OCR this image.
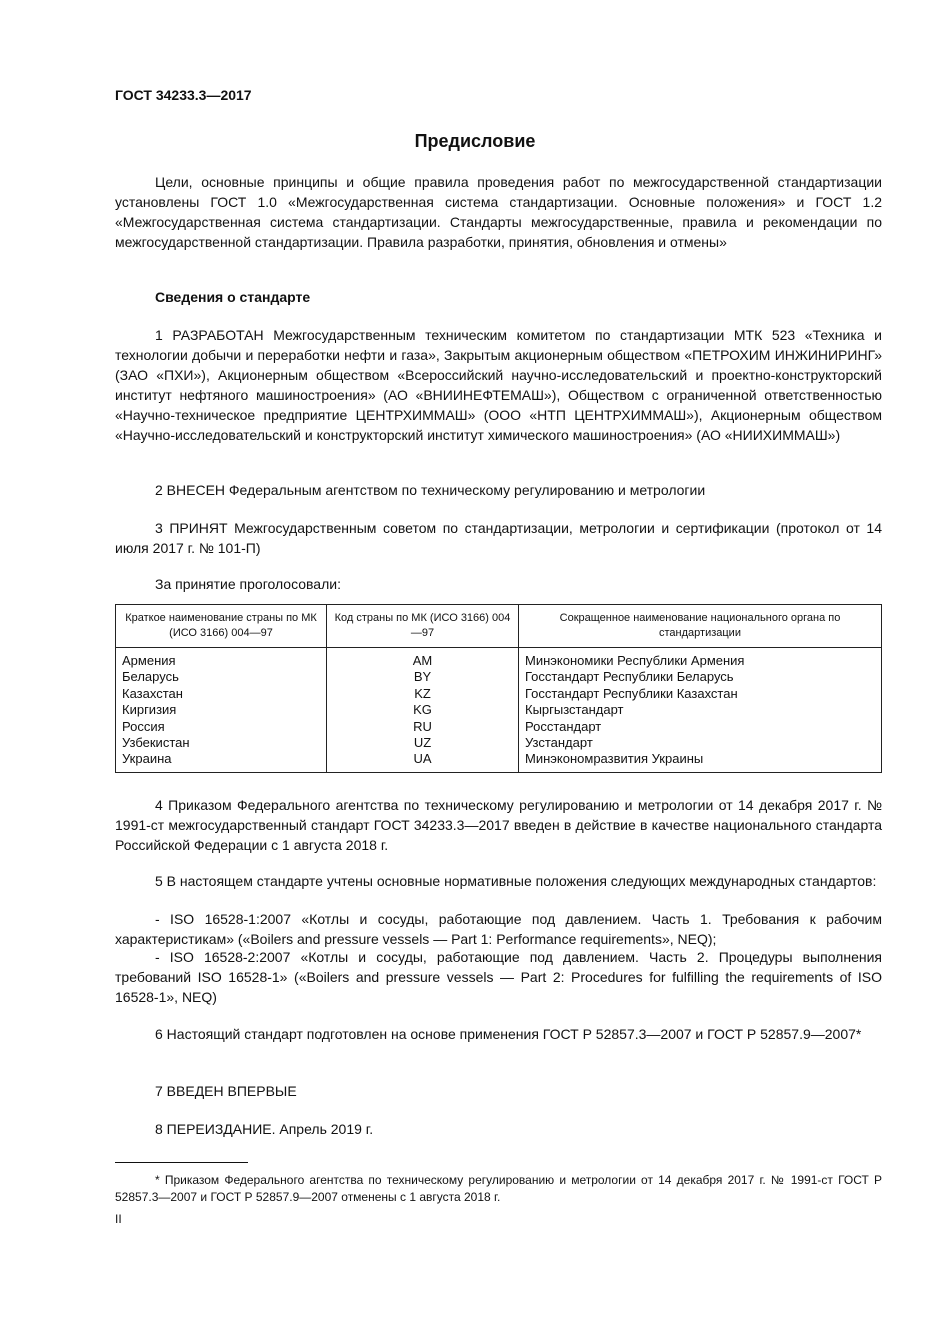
ГОСТ 34233.3—2017
Предисловие
Цели, основные принципы и общие правила проведения работ по межгосударственной стандартизации установлены ГОСТ 1.0 «Межгосударственная система стандартизации. Основные положения» и ГОСТ 1.2 «Межгосударственная система стандартизации. Стандарты межгосударственные, правила и рекомендации по межгосударственной стандартизации. Правила разработки, принятия, обновления и отмены»
Сведения о стандарте
1 РАЗРАБОТАН Межгосударственным техническим комитетом по стандартизации МТК 523 «Техника и технологии добычи и переработки нефти и газа», Закрытым акционерным обществом «ПЕТРОХИМ ИНЖИНИРИНГ» (ЗАО «ПХИ»), Акционерным обществом «Всероссийский научно-исследовательский и проектно-конструкторский институт нефтяного машиностроения» (АО «ВНИИНЕФТЕМАШ»), Обществом с ограниченной ответственностью «Научно-техническое предприятие ЦЕНТРХИММАШ» (ООО «НТП ЦЕНТРХИММАШ»), Акционерным обществом «Научно-исследовательский и конструкторский институт химического машиностроения» (АО «НИИХИММАШ»)
2 ВНЕСЕН Федеральным агентством по техническому регулированию и метрологии
3 ПРИНЯТ Межгосударственным советом по стандартизации, метрологии и сертификации (протокол от 14 июля 2017 г. № 101-П)
За принятие проголосовали:
Краткое наименование страны по МК (ИСО 3166) 004—97	Код страны по МК (ИСО 3166) 004—97	Сокращенное наименование национального органа по стандартизации
Армения	AM	Минэкономики Республики Армения
Беларусь	BY	Госстандарт Республики Беларусь
Казахстан	KZ	Госстандарт Республики Казахстан
Киргизия	KG	Кыргызстандарт
Россия	RU	Росстандарт
Узбекистан	UZ	Узстандарт
Украина	UA	Минэкономразвития Украины
4 Приказом Федерального агентства по техническому регулированию и метрологии от 14 декабря 2017 г. № 1991-ст межгосударственный стандарт ГОСТ 34233.3—2017 введен в действие в качестве национального стандарта Российской Федерации с 1 августа 2018 г.
5 В настоящем стандарте учтены основные нормативные положения следующих международных стандартов:
- ISO 16528-1:2007 «Котлы и сосуды, работающие под давлением. Часть 1. Требования к рабочим характеристикам» («Boilers and pressure vessels — Part 1: Performance requirements», NEQ);
- ISO 16528-2:2007 «Котлы и сосуды, работающие под давлением. Часть 2. Процедуры выполнения требований ISO 16528-1» («Boilers and pressure vessels — Part 2: Procedures for fulfilling the requirements of ISO 16528-1», NEQ)
6 Настоящий стандарт подготовлен на основе применения ГОСТ Р 52857.3—2007 и ГОСТ Р 52857.9—2007*
7 ВВЕДЕН ВПЕРВЫЕ
8 ПЕРЕИЗДАНИЕ. Апрель 2019 г.
* Приказом Федерального агентства по техническому регулированию и метрологии от 14 декабря 2017 г. № 1991-ст ГОСТ Р 52857.3—2007 и ГОСТ Р 52857.9—2007 отменены с 1 августа 2018 г.
II
